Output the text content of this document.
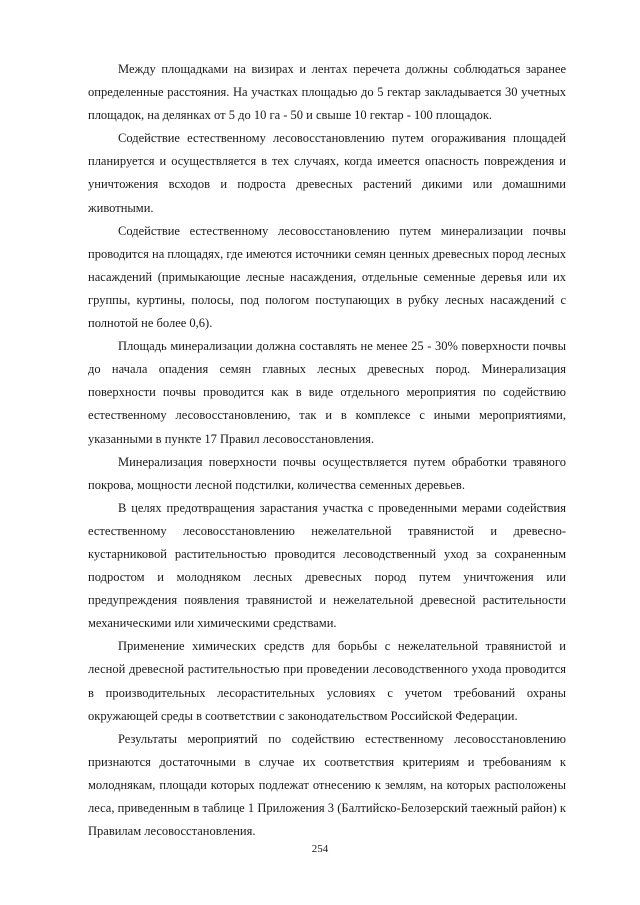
Между площадками на визирах и лентах перечета должны соблюдаться заранее определенные расстояния. На участках площадью до 5 гектар закладывается 30 учетных площадок, на делянках от 5 до 10 га - 50 и свыше 10 гектар - 100 площадок.

Содействие естественному лесовосстановлению путем огораживания площадей планируется и осуществляется в тех случаях, когда имеется опасность повреждения и уничтожения всходов и подроста древесных растений дикими или домашними животными.

Содействие естественному лесовосстановлению путем минерализации почвы проводится на площадях, где имеются источники семян ценных древесных пород лесных насаждений (примыкающие лесные насаждения, отдельные семенные деревья или их группы, куртины, полосы, под пологом поступающих в рубку лесных насаждений с полнотой не более 0,6).

Площадь минерализации должна составлять не менее 25 - 30% поверхности почвы до начала опадения семян главных лесных древесных пород. Минерализация поверхности почвы проводится как в виде отдельного мероприятия по содействию естественному лесовосстановлению, так и в комплексе с иными мероприятиями, указанными в пункте 17 Правил лесовосстановления.

Минерализация поверхности почвы осуществляется путем обработки травяного покрова, мощности лесной подстилки, количества семенных деревьев.

В целях предотвращения зарастания участка с проведенными мерами содействия естественному лесовосстановлению нежелательной травянистой и древесно-кустарниковой растительностью проводится лесоводственный уход за сохраненным подростом и молодняком лесных древесных пород путем уничтожения или предупреждения появления травянистой и нежелательной древесной растительности механическими или химическими средствами.

Применение химических средств для борьбы с нежелательной травянистой и лесной древесной растительностью при проведении лесоводственного ухода проводится в производительных лесорастительных условиях с учетом требований охраны окружающей среды в соответствии с законодательством Российской Федерации.

Результаты мероприятий по содействию естественному лесовосстановлению признаются достаточными в случае их соответствия критериям и требованиям к молоднякам, площади которых подлежат отнесению к землям, на которых расположены леса, приведенным в таблице 1 Приложения 3 (Балтийско-Белозерский таежный район) к Правилам лесовосстановления.

254
